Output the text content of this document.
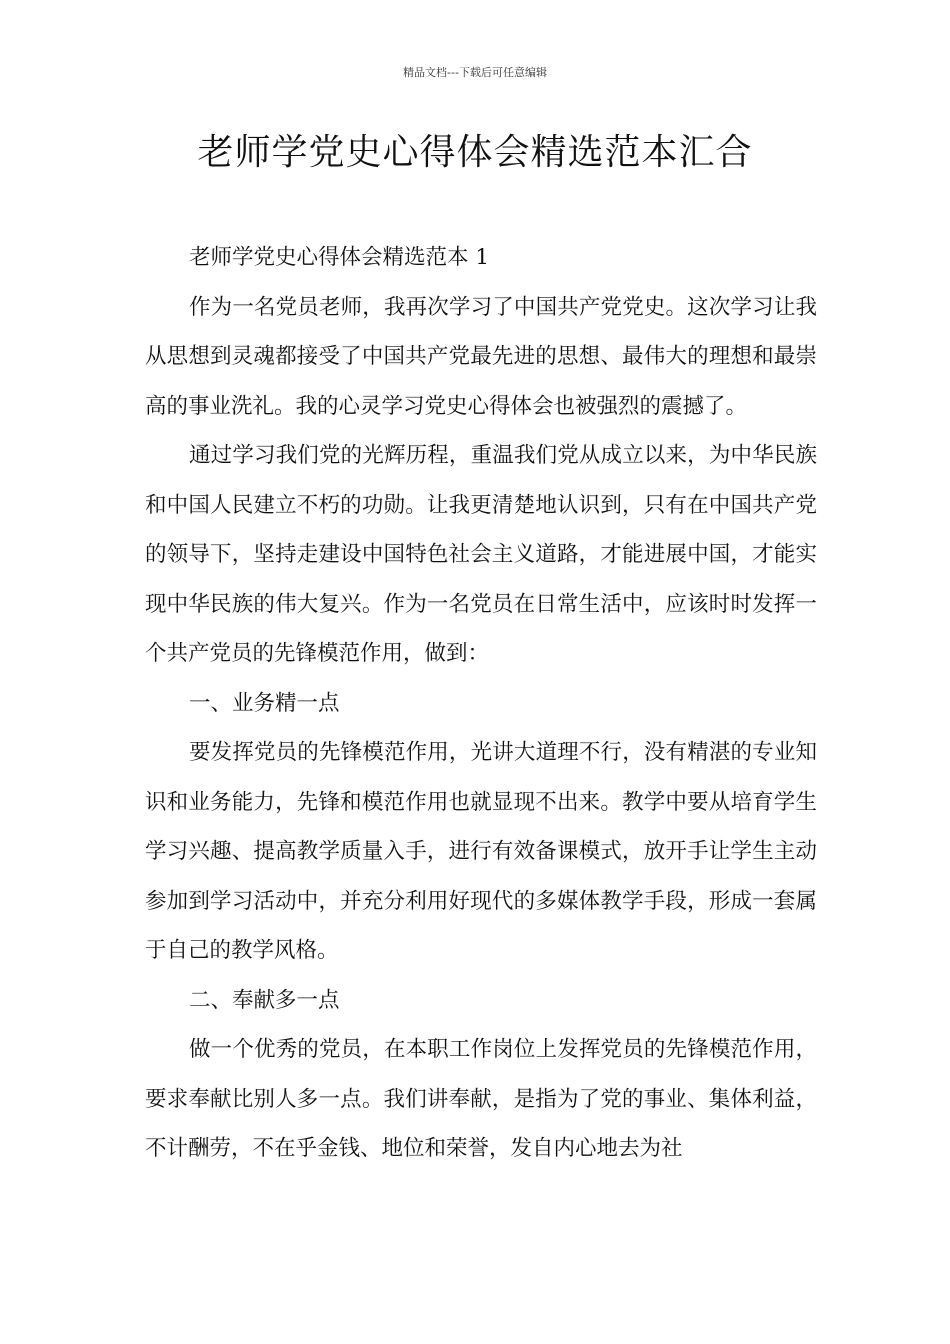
精品文档---下载后可任意编辑
老师学党史心得体会精选范本汇合

老师学党史心得体会精选范本 1

作为一名党员老师，我再次学习了中国共产党党史。这次学习让我从思想到灵魂都接受了中国共产党最先进的思想、最伟大的理想和最崇高的事业洗礼。我的心灵学习党史心得体会也被强烈的震撼了。

通过学习我们党的光辉历程，重温我们党从成立以来，为中华民族和中国人民建立不朽的功勋。让我更清楚地认识到，只有在中国共产党的领导下，坚持走建设中国特色社会主义道路，才能进展中国，才能实现中华民族的伟大复兴。作为一名党员在日常生活中，应该时时发挥一个共产党员的先锋模范作用，做到：

一、业务精一点

要发挥党员的先锋模范作用，光讲大道理不行，没有精湛的专业知识和业务能力，先锋和模范作用也就显现不出来。教学中要从培育学生学习兴趣、提高教学质量入手，进行有效备课模式，放开手让学生主动参加到学习活动中，并充分利用好现代的多媒体教学手段，形成一套属于自己的教学风格。

二、奉献多一点

做一个优秀的党员，在本职工作岗位上发挥党员的先锋模范作用，要求奉献比别人多一点。我们讲奉献，是指为了党的事业、集体利益，不计酬劳，不在乎金钱、地位和荣誉，发自内心地去为社
